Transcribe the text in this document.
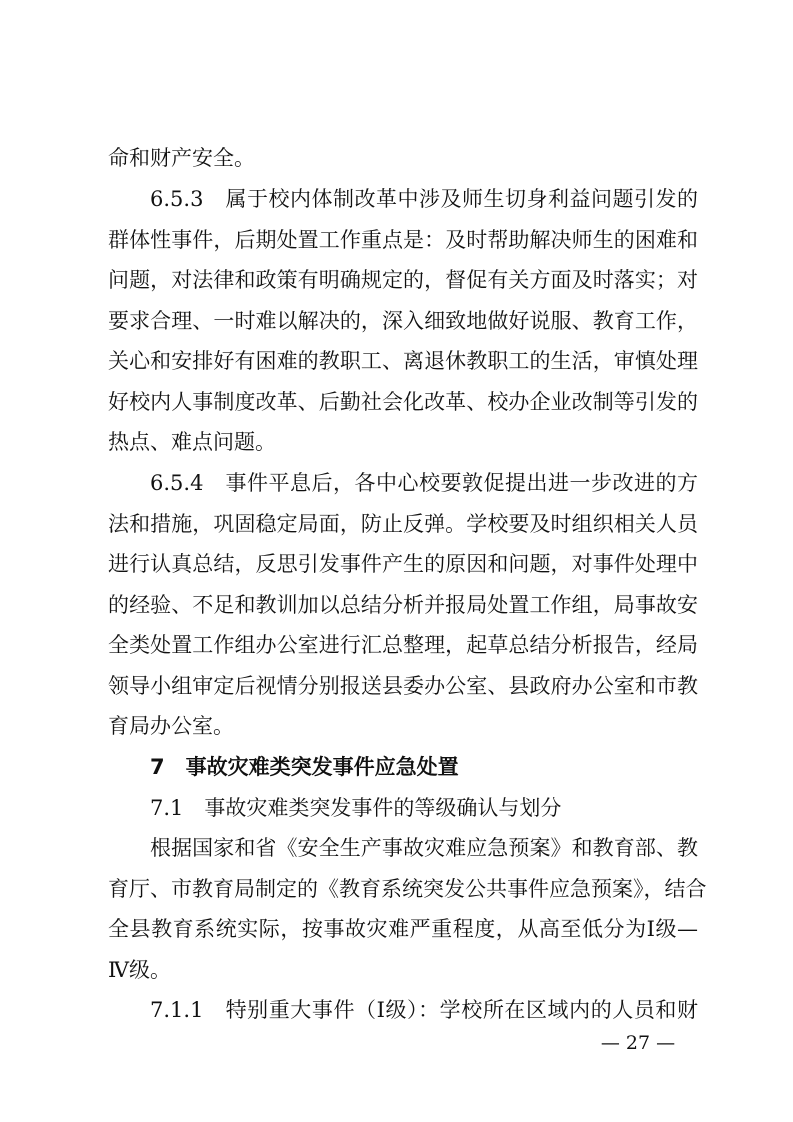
命和财产安全。
6.5.3　属于校内体制改革中涉及师生切身利益问题引发的
群体性事件，后期处置工作重点是：及时帮助解决师生的困难和
问题，对法律和政策有明确规定的，督促有关方面及时落实；对
要求合理、一时难以解决的，深入细致地做好说服、教育工作，
关心和安排好有困难的教职工、离退休教职工的生活，审慎处理
好校内人事制度改革、后勤社会化改革、校办企业改制等引发的
热点、难点问题。
6.5.4　事件平息后，各中心校要敦促提出进一步改进的方
法和措施，巩固稳定局面，防止反弹。学校要及时组织相关人员
进行认真总结，反思引发事件产生的原因和问题，对事件处理中
的经验、不足和教训加以总结分析并报局处置工作组，局事故安
全类处置工作组办公室进行汇总整理，起草总结分析报告，经局
领导小组审定后视情分别报送县委办公室、县政府办公室和市教
育局办公室。
7　事故灾难类突发事件应急处置
7.1　事故灾难类突发事件的等级确认与划分
根据国家和省《安全生产事故灾难应急预案》和教育部、教
育厅、市教育局制定的《教育系统突发公共事件应急预案》，结合
全县教育系统实际，按事故灾难严重程度，从高至低分为Ⅰ级—
Ⅳ级。
7.1.1　特别重大事件（Ⅰ级）：学校所在区域内的人员和财
— 27 —
